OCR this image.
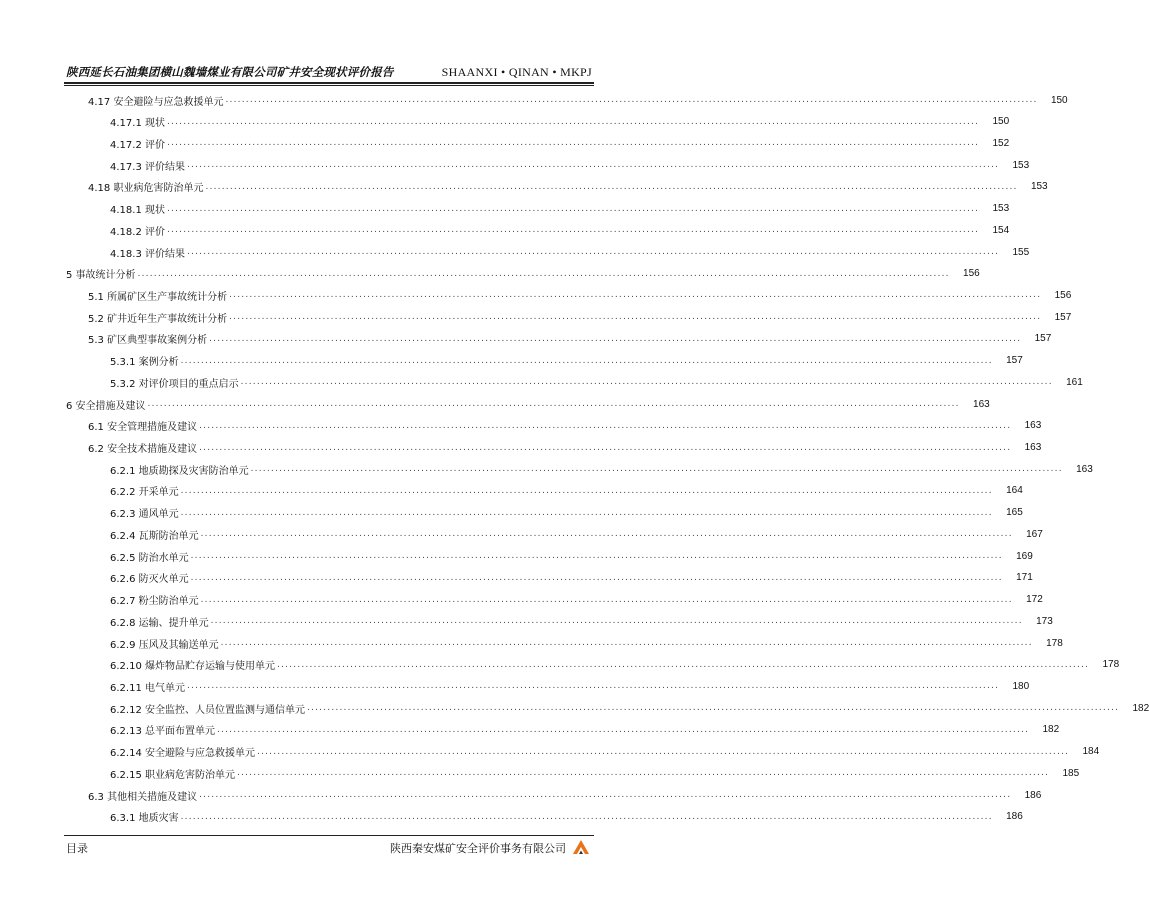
陕西延长石油集团横山魏墙煤业有限公司矿井安全现状评价报告	SHAANXI • QINAN • MKPJ
4.17 安全避险与应急救援单元 ........................................................................................................................................................................................................	150
4.17.1 现状 ........................................................................................................................................................................................................	150
4.17.2 评价 ........................................................................................................................................................................................................	152
4.17.3 评价结果 ........................................................................................................................................................................................................	153
4.18 职业病危害防治单元 ........................................................................................................................................................................................................	153
4.18.1 现状 ........................................................................................................................................................................................................	153
4.18.2 评价 ........................................................................................................................................................................................................	154
4.18.3 评价结果 ........................................................................................................................................................................................................	155
5 事故统计分析 ........................................................................................................................................................................................................	156
5.1 所属矿区生产事故统计分析 ........................................................................................................................................................................................................	156
5.2 矿井近年生产事故统计分析 ........................................................................................................................................................................................................	157
5.3 矿区典型事故案例分析 ........................................................................................................................................................................................................	157
5.3.1 案例分析 ........................................................................................................................................................................................................	157
5.3.2 对评价项目的重点启示 ........................................................................................................................................................................................................	161
6 安全措施及建议 ........................................................................................................................................................................................................	163
6.1 安全管理措施及建议 ........................................................................................................................................................................................................	163
6.2 安全技术措施及建议 ........................................................................................................................................................................................................	163
6.2.1 地质勘探及灾害防治单元 ........................................................................................................................................................................................................	163
6.2.2 开采单元 ........................................................................................................................................................................................................	164
6.2.3 通风单元 ........................................................................................................................................................................................................	165
6.2.4 瓦斯防治单元 ........................................................................................................................................................................................................	167
6.2.5 防治水单元 ........................................................................................................................................................................................................	169
6.2.6 防灭火单元 ........................................................................................................................................................................................................	171
6.2.7 粉尘防治单元 ........................................................................................................................................................................................................	172
6.2.8 运输、提升单元 ........................................................................................................................................................................................................	173
6.2.9 压风及其输送单元 ........................................................................................................................................................................................................	178
6.2.10 爆炸物品贮存运输与使用单元 ........................................................................................................................................................................................................	178
6.2.11 电气单元 ........................................................................................................................................................................................................	180
6.2.12 安全监控、人员位置监测与通信单元 ........................................................................................................................................................................................................	182
6.2.13 总平面布置单元 ........................................................................................................................................................................................................	182
6.2.14 安全避险与应急救援单元 ........................................................................................................................................................................................................	184
6.2.15 职业病危害防治单元 ........................................................................................................................................................................................................	185
6.3 其他相关措施及建议 ........................................................................................................................................................................................................	186
6.3.1 地质灾害 ........................................................................................................................................................................................................	186
目录	陕西秦安煤矿安全评价事务有限公司
